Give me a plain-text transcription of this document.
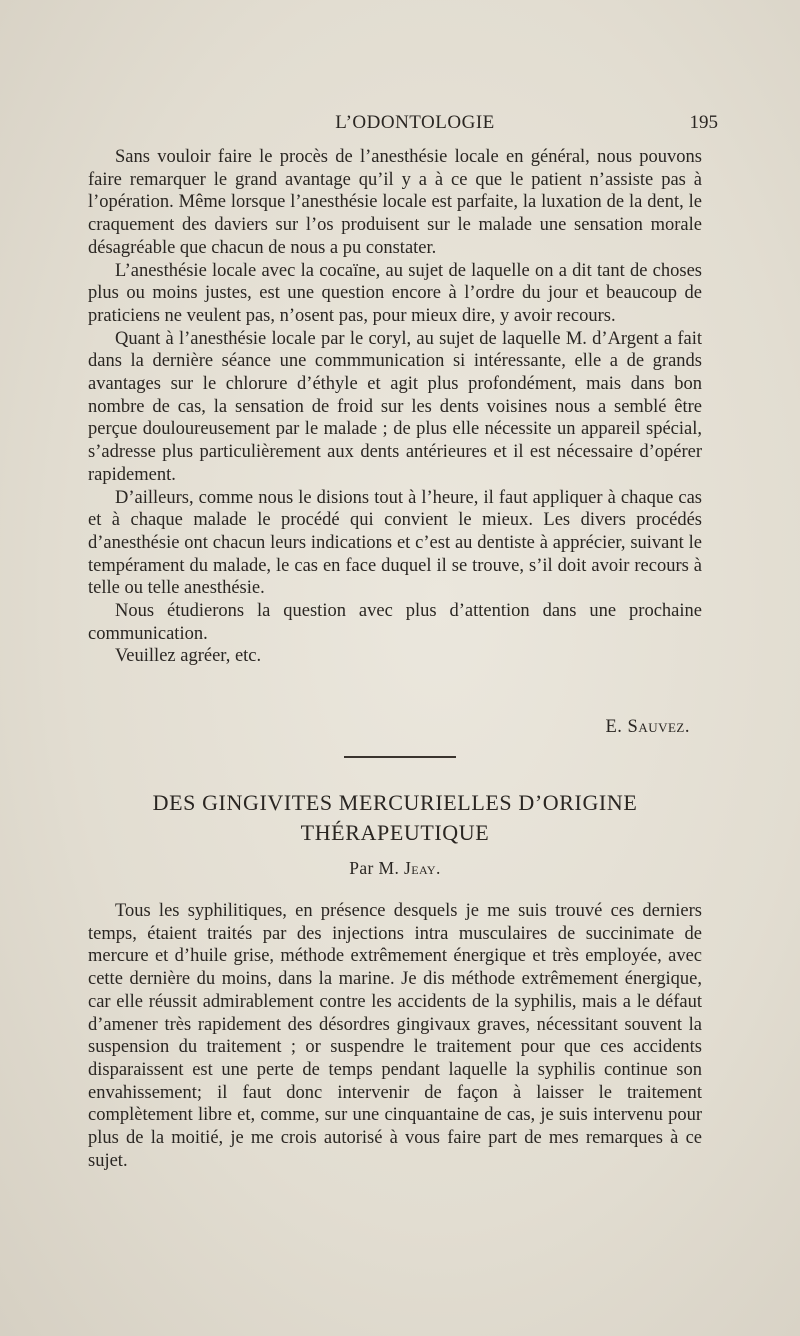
L’ODONTOLOGIE	195

Sans vouloir faire le procès de l’anesthésie locale en général, nous pouvons faire remarquer le grand avantage qu’il y a à ce que le patient n’assiste pas à l’opération. Même lorsque l’anesthésie locale est parfaite, la luxation de la dent, le craquement des daviers sur l’os produisent sur le malade une sensation morale désagréable que chacun de nous a pu constater.

L’anesthésie locale avec la cocaïne, au sujet de laquelle on a dit tant de choses plus ou moins justes, est une question encore à l’ordre du jour et beaucoup de praticiens ne veulent pas, n’osent pas, pour mieux dire, y avoir recours.

Quant à l’anesthésie locale par le coryl, au sujet de laquelle M. d’Argent a fait dans la dernière séance une commmunication si intéressante, elle a de grands avantages sur le chlorure d’éthyle et agit plus profondément, mais dans bon nombre de cas, la sensation de froid sur les dents voisines nous a semblé être perçue douloureusement par le malade ; de plus elle nécessite un appareil spécial, s’adresse plus particulièrement aux dents antérieures et il est nécessaire d’opérer rapidement.

D’ailleurs, comme nous le disions tout à l’heure, il faut appliquer à chaque cas et à chaque malade le procédé qui convient le mieux. Les divers procédés d’anesthésie ont chacun leurs indications et c’est au dentiste à apprécier, suivant le tempérament du malade, le cas en face duquel il se trouve, s’il doit avoir recours à telle ou telle anesthésie.

Nous étudierons la question avec plus d’attention dans une prochaine communication.

Veuillez agréer, etc.

E. Sauvez.
DES GINGIVITES MERCURIELLES D’ORIGINE
THÉRAPEUTIQUE
Par M. Jeay.

Tous les syphilitiques, en présence desquels je me suis trouvé ces derniers temps, étaient traités par des injections intra musculaires de succinimate de mercure et d’huile grise, méthode extrêmement énergique et très employée, avec cette dernière du moins, dans la marine. Je dis méthode extrêmement énergique, car elle réussit admirablement contre les accidents de la syphilis, mais a le défaut d’amener très rapidement des désordres gingivaux graves, nécessitant souvent la suspension du traitement ; or suspendre le traitement pour que ces accidents disparaissent est une perte de temps pendant laquelle la syphilis continue son envahissement; il faut donc intervenir de façon à laisser le traitement complètement libre et, comme, sur une cinquantaine de cas, je suis intervenu pour plus de la moitié, je me crois autorisé à vous faire part de mes remarques à ce sujet.
